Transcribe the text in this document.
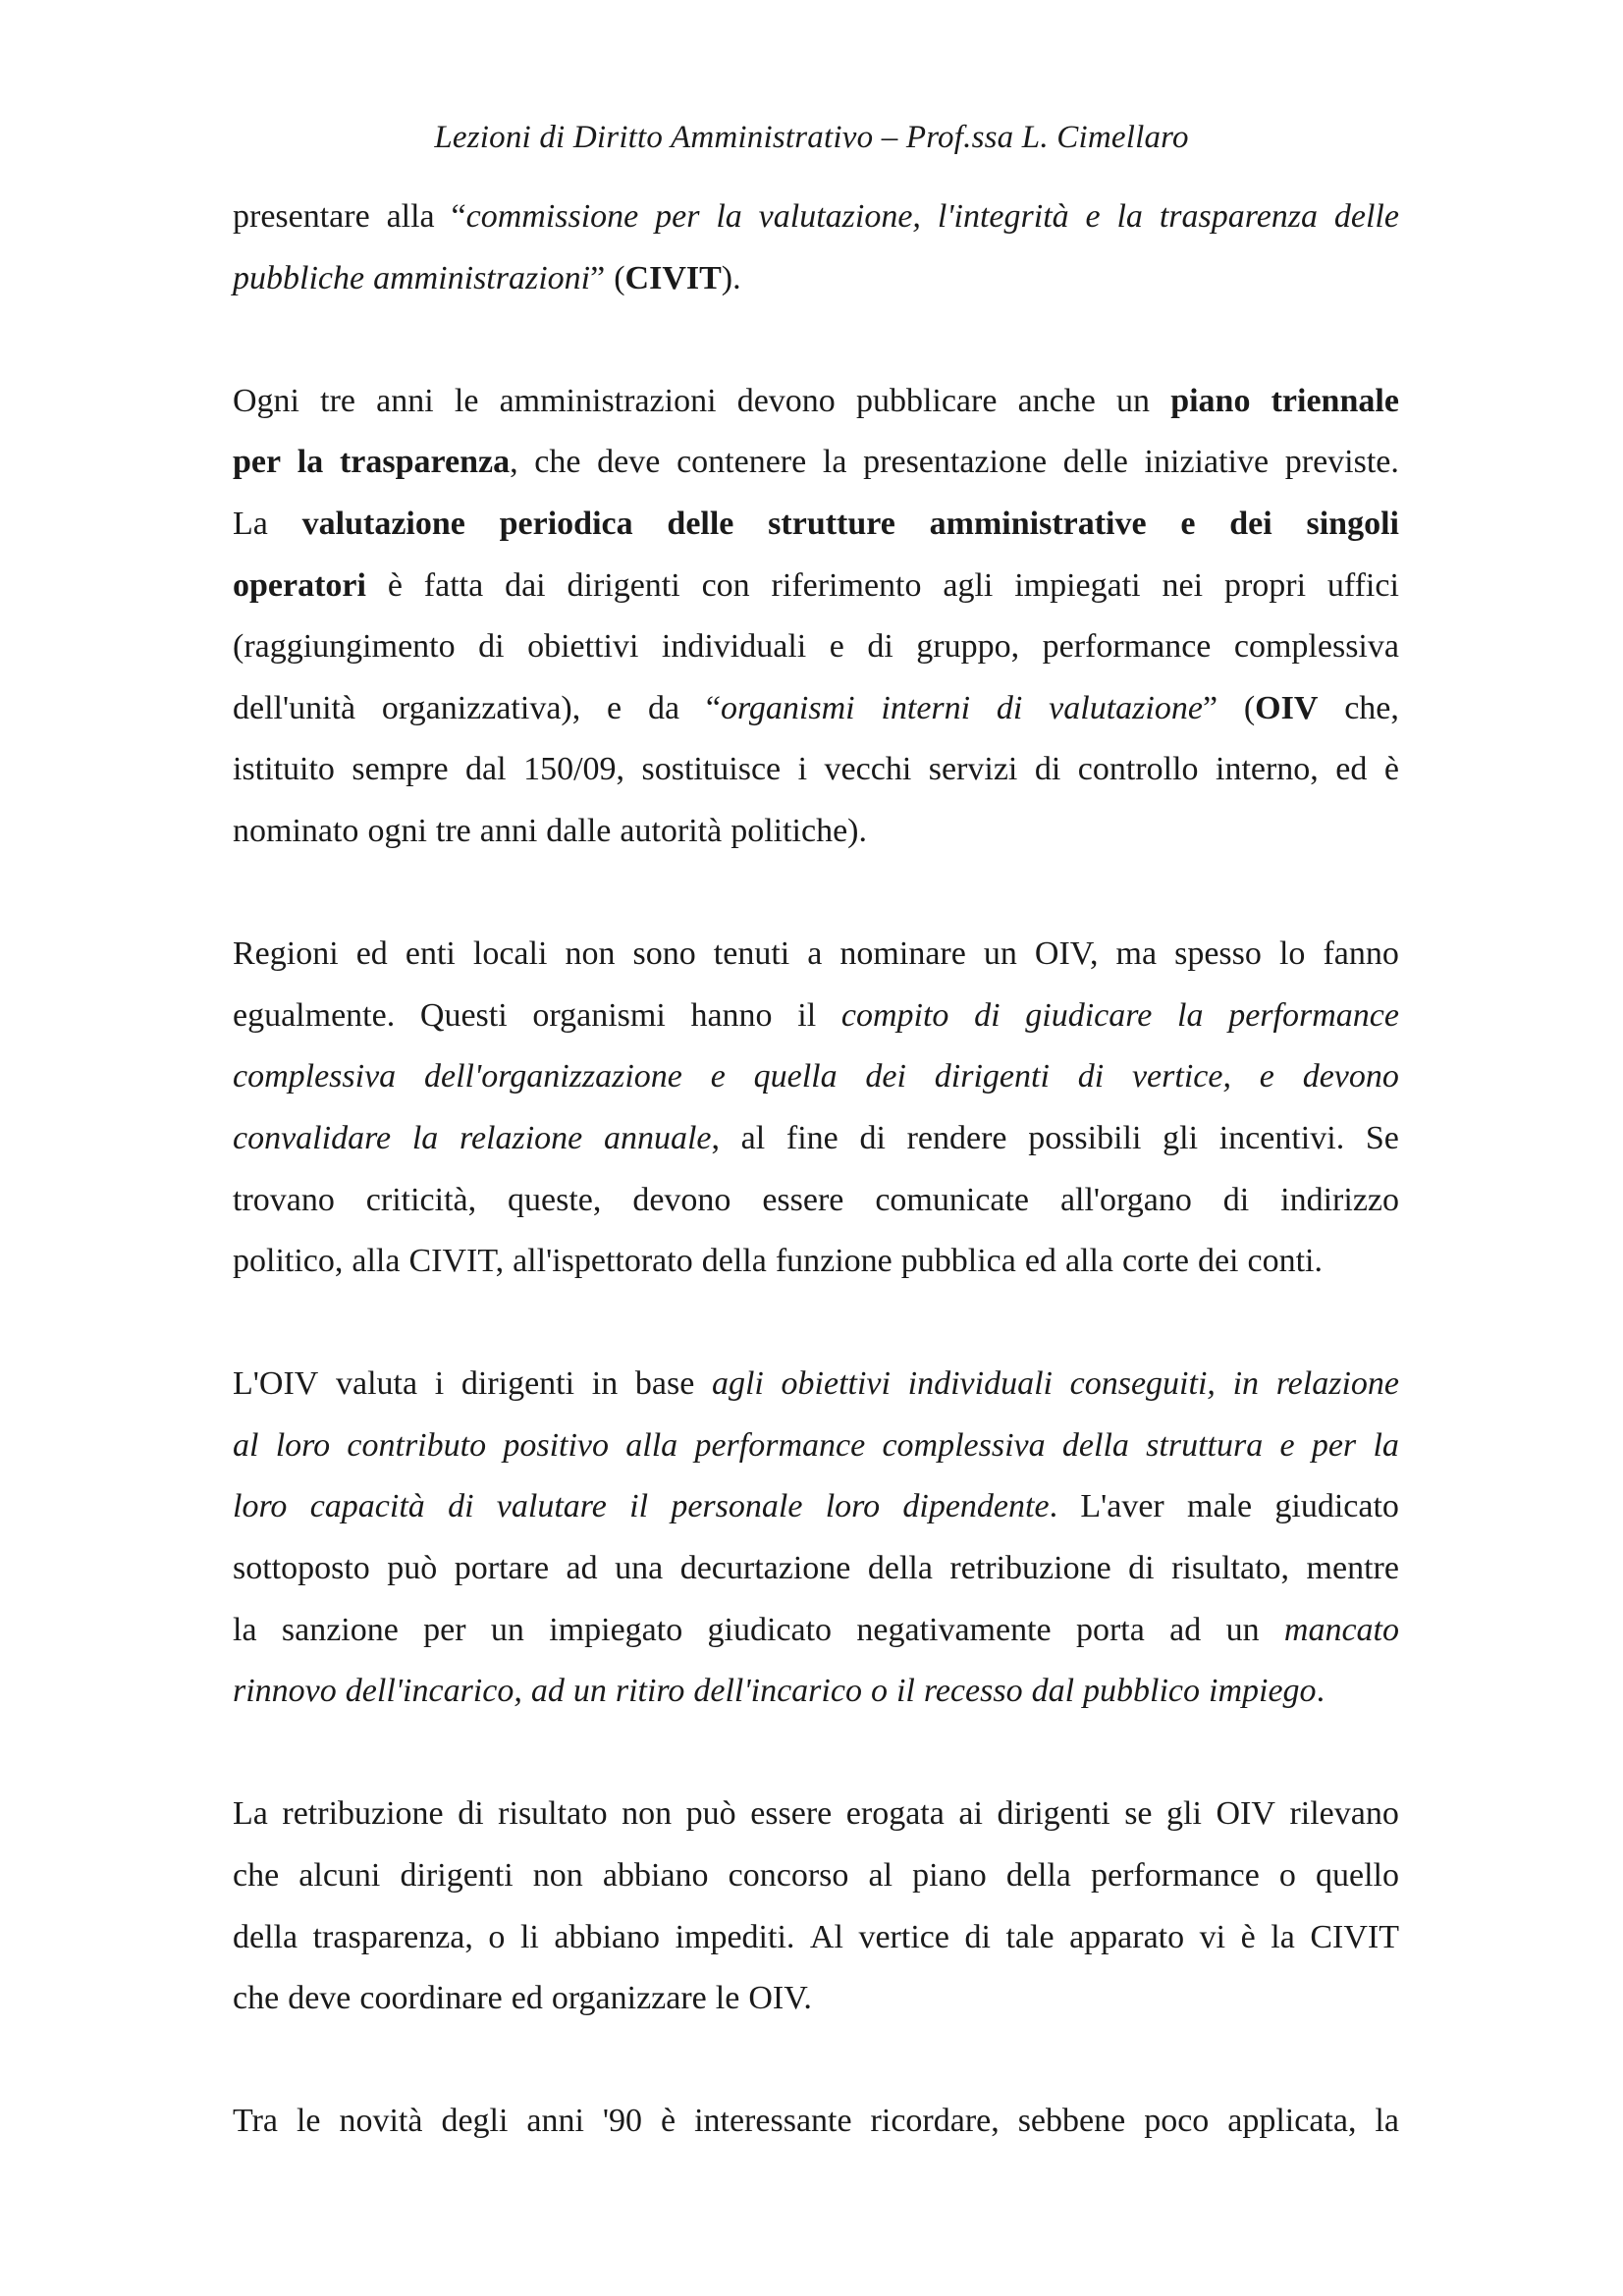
Lezioni di Diritto Amministrativo – Prof.ssa L. Cimellaro
presentare alla “commissione per la valutazione, l'integrità e la trasparenza delle
pubbliche amministrazioni” (CIVIT).
Ogni tre anni le amministrazioni devono pubblicare anche un piano triennale
per la trasparenza, che deve contenere la presentazione delle iniziative previste.
La valutazione periodica delle strutture amministrative e dei singoli
operatori è fatta dai dirigenti con riferimento agli impiegati nei propri uffici
(raggiungimento di obiettivi individuali e di gruppo, performance complessiva
dell'unità organizzativa), e da “organismi interni di valutazione” (OIV che,
istituito sempre dal 150/09, sostituisce i vecchi servizi di controllo interno, ed è
nominato ogni tre anni dalle autorità politiche).
Regioni ed enti locali non sono tenuti a nominare un OIV, ma spesso lo fanno
egualmente. Questi organismi hanno il compito di giudicare la performance
complessiva dell'organizzazione e quella dei dirigenti di vertice, e devono
convalidare la relazione annuale, al fine di rendere possibili gli incentivi. Se
trovano criticità, queste, devono essere comunicate all'organo di indirizzo
politico, alla CIVIT, all'ispettorato della funzione pubblica ed alla corte dei conti.
L'OIV valuta i dirigenti in base agli obiettivi individuali conseguiti, in relazione
al loro contributo positivo alla performance complessiva della struttura e per la
loro capacità di valutare il personale loro dipendente. L'aver male giudicato
sottoposto può portare ad una decurtazione della retribuzione di risultato, mentre
la sanzione per un impiegato giudicato negativamente porta ad un mancato
rinnovo dell'incarico, ad un ritiro dell'incarico o il recesso dal pubblico impiego.
La retribuzione di risultato non può essere erogata ai dirigenti se gli OIV rilevano
che alcuni dirigenti non abbiano concorso al piano della performance o quello
della trasparenza, o li abbiano impediti. Al vertice di tale apparato vi è la CIVIT
che deve coordinare ed organizzare le OIV.
Tra le novità degli anni '90 è interessante ricordare, sebbene poco applicata, la
